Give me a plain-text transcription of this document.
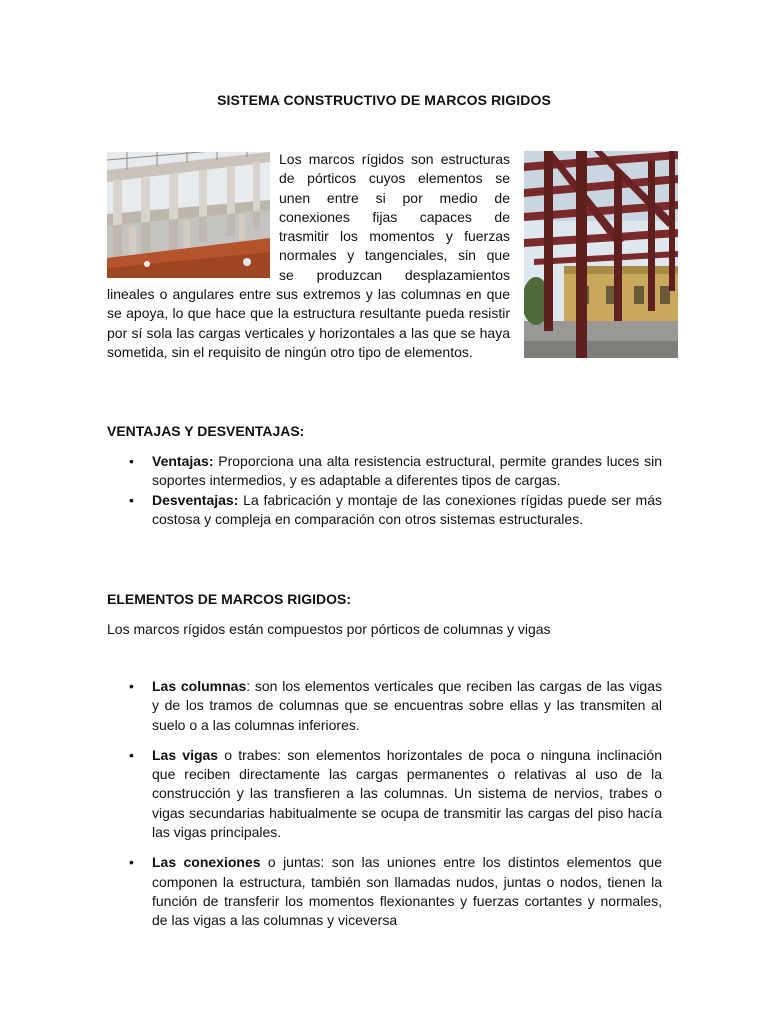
SISTEMA CONSTRUCTIVO DE MARCOS RIGIDOS
Los marcos rígidos son estructuras
de pórticos cuyos elementos se
unen entre si por medio de
conexiones fijas capaces de
trasmitir los momentos y fuerzas
normales y tangenciales, sin que
se produzcan desplazamientos
lineales o angulares entre sus extremos y las columnas en que se apoya, lo que hace que la estructura resultante pueda resistir por sí sola las cargas verticales y horizontales a las que se haya sometida, sin el requisito de ningún otro tipo de elementos.
VENTAJAS Y DESVENTAJAS:
• Ventajas: Proporciona una alta resistencia estructural, permite grandes luces sin soportes intermedios, y es adaptable a diferentes tipos de cargas.
• Desventajas: La fabricación y montaje de las conexiones rígidas puede ser más costosa y compleja en comparación con otros sistemas estructurales.
ELEMENTOS DE MARCOS RIGIDOS:
Los marcos rígidos están compuestos por pórticos de columnas y vigas
• Las columnas: son los elementos verticales que reciben las cargas de las vigas y de los tramos de columnas que se encuentras sobre ellas y las transmiten al suelo o a las columnas inferiores.
• Las vigas o trabes: son elementos horizontales de poca o ninguna inclinación que reciben directamente las cargas permanentes o relativas al uso de la construcción y las transfieren a las columnas. Un sistema de nervios, trabes o vigas secundarias habitualmente se ocupa de transmitir las cargas del piso hacía las vigas principales.
• Las conexiones o juntas: son las uniones entre los distintos elementos que componen la estructura, también son llamadas nudos, juntas o nodos, tienen la función de transferir los momentos flexionantes y fuerzas cortantes y normales, de las vigas a las columnas y viceversa
